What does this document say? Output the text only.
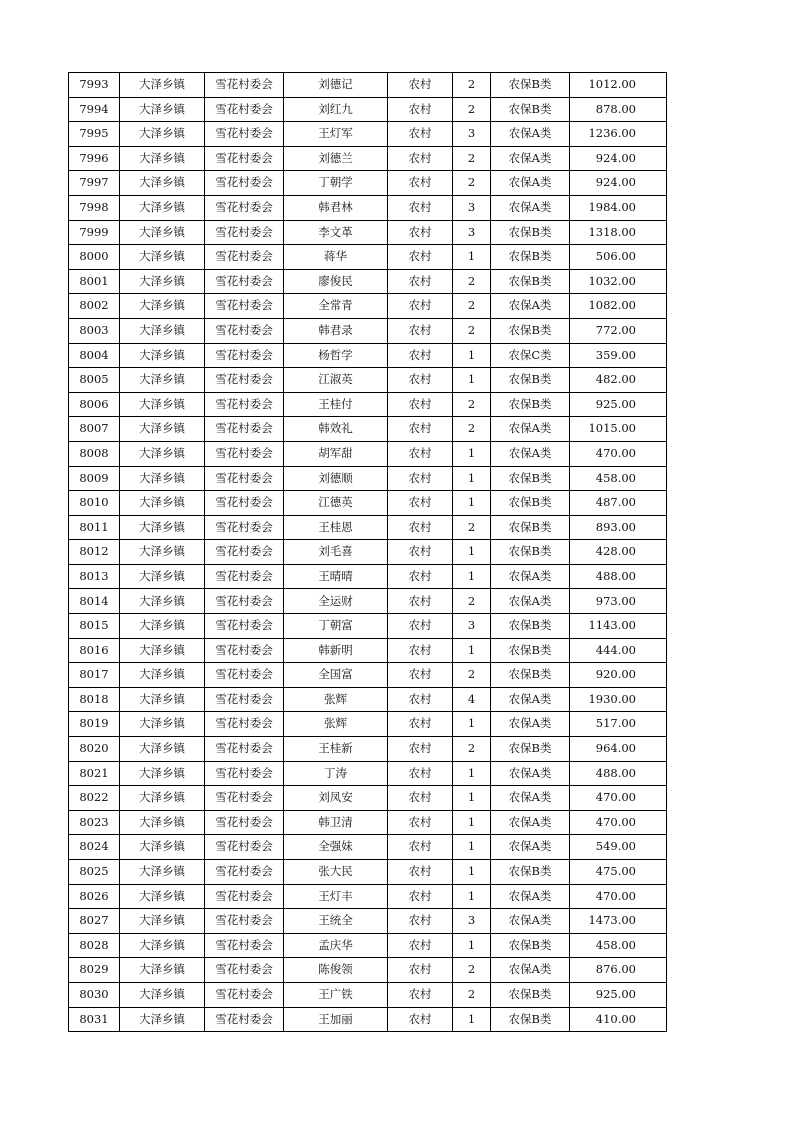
7993	大泽乡镇	雪花村委会	刘德记	农村	2	农保B类	1012.00
7994	大泽乡镇	雪花村委会	刘红九	农村	2	农保B类	878.00
7995	大泽乡镇	雪花村委会	王灯军	农村	3	农保A类	1236.00
7996	大泽乡镇	雪花村委会	刘德兰	农村	2	农保A类	924.00
7997	大泽乡镇	雪花村委会	丁朝学	农村	2	农保A类	924.00
7998	大泽乡镇	雪花村委会	韩君林	农村	3	农保A类	1984.00
7999	大泽乡镇	雪花村委会	李文革	农村	3	农保B类	1318.00
8000	大泽乡镇	雪花村委会	蒋华	农村	1	农保B类	506.00
8001	大泽乡镇	雪花村委会	廖俊民	农村	2	农保B类	1032.00
8002	大泽乡镇	雪花村委会	全常青	农村	2	农保A类	1082.00
8003	大泽乡镇	雪花村委会	韩君录	农村	2	农保B类	772.00
8004	大泽乡镇	雪花村委会	杨哲学	农村	1	农保C类	359.00
8005	大泽乡镇	雪花村委会	江淑英	农村	1	农保B类	482.00
8006	大泽乡镇	雪花村委会	王桂付	农村	2	农保B类	925.00
8007	大泽乡镇	雪花村委会	韩效礼	农村	2	农保A类	1015.00
8008	大泽乡镇	雪花村委会	胡军甜	农村	1	农保A类	470.00
8009	大泽乡镇	雪花村委会	刘德顺	农村	1	农保B类	458.00
8010	大泽乡镇	雪花村委会	江德英	农村	1	农保B类	487.00
8011	大泽乡镇	雪花村委会	王桂恩	农村	2	农保B类	893.00
8012	大泽乡镇	雪花村委会	刘毛喜	农村	1	农保B类	428.00
8013	大泽乡镇	雪花村委会	王晴晴	农村	1	农保A类	488.00
8014	大泽乡镇	雪花村委会	全运财	农村	2	农保A类	973.00
8015	大泽乡镇	雪花村委会	丁朝富	农村	3	农保B类	1143.00
8016	大泽乡镇	雪花村委会	韩新明	农村	1	农保B类	444.00
8017	大泽乡镇	雪花村委会	全国富	农村	2	农保B类	920.00
8018	大泽乡镇	雪花村委会	张辉	农村	4	农保A类	1930.00
8019	大泽乡镇	雪花村委会	张辉	农村	1	农保A类	517.00
8020	大泽乡镇	雪花村委会	王桂新	农村	2	农保B类	964.00
8021	大泽乡镇	雪花村委会	丁涛	农村	1	农保A类	488.00
8022	大泽乡镇	雪花村委会	刘凤安	农村	1	农保A类	470.00
8023	大泽乡镇	雪花村委会	韩卫清	农村	1	农保A类	470.00
8024	大泽乡镇	雪花村委会	全强妹	农村	1	农保A类	549.00
8025	大泽乡镇	雪花村委会	张大民	农村	1	农保B类	475.00
8026	大泽乡镇	雪花村委会	王灯丰	农村	1	农保A类	470.00
8027	大泽乡镇	雪花村委会	王统全	农村	3	农保A类	1473.00
8028	大泽乡镇	雪花村委会	孟庆华	农村	1	农保B类	458.00
8029	大泽乡镇	雪花村委会	陈俊领	农村	2	农保A类	876.00
8030	大泽乡镇	雪花村委会	王广铁	农村	2	农保B类	925.00
8031	大泽乡镇	雪花村委会	王加丽	农村	1	农保B类	410.00
